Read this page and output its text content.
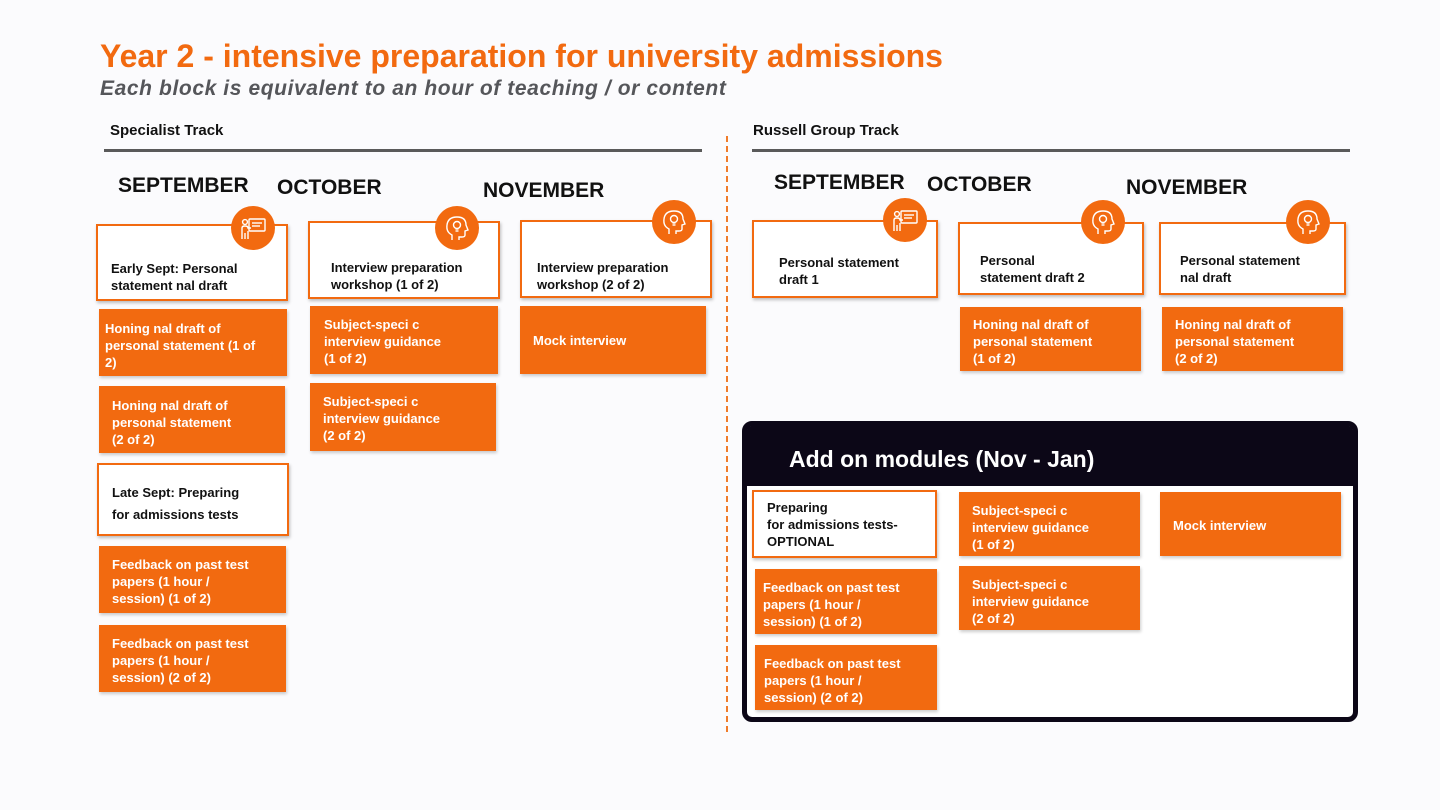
Year 2 - intensive preparation for university admissions
Each block is equivalent to an hour of teaching / or content
Specialist Track	Russell Group Track
SEPTEMBER OCTOBER	NOVEMBER	SEPTEMBER OCTOBER	NOVEMBER
Early Sept: Personal
statement nal draft
Honing nal draft of
personal statement (1 of
2)
Honing nal draft of
personal statement
(2 of 2)
Late Sept: Preparing
for admissions tests
Feedback on past test
papers (1 hour /
session) (1 of 2)
Feedback on past test
papers (1 hour /
session) (2 of 2)
Interview preparation
workshop (1 of 2)
Subject-speci c
interview guidance
(1 of 2)
Subject-speci c
interview guidance
(2 of 2)
Interview preparation
workshop (2 of 2)
Mock interview
Personal statement
draft 1
Personal
statement draft 2
Honing nal draft of
personal statement
(1 of 2)
Personal statement
nal draft
Honing nal draft of
personal statement
(2 of 2)
Add on modules (Nov - Jan)
Preparing
for admissions tests-
OPTIONAL
Feedback on past test
papers (1 hour /
session) (1 of 2)
Feedback on past test
papers (1 hour /
session) (2 of 2)
Subject-speci c
interview guidance
(1 of 2)
Subject-speci c
interview guidance
(2 of 2)
Mock interview
